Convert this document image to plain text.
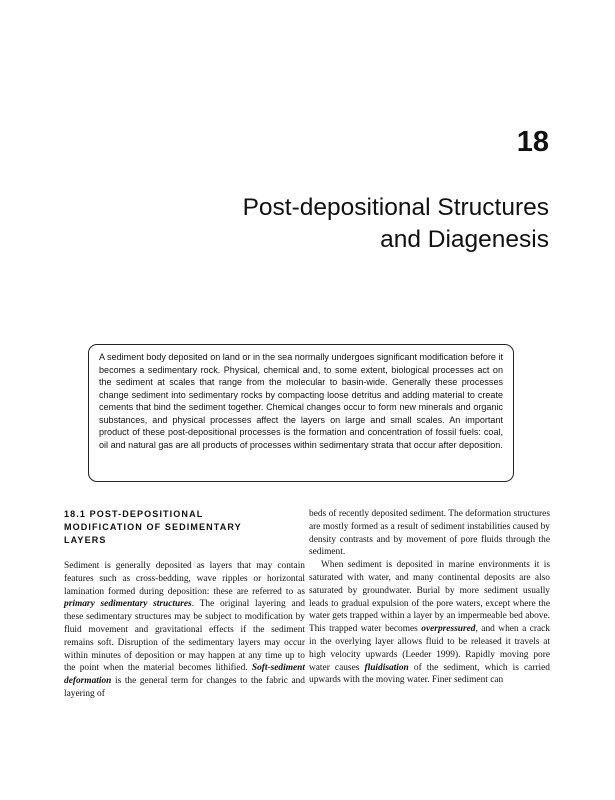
18
Post-depositional Structures
and Diagenesis

A sediment body deposited on land or in the sea normally undergoes significant modification before it becomes a sedimentary rock. Physical, chemical and, to some extent, biological processes act on the sediment at scales that range from the molecular to basin-wide. Generally these processes change sediment into sedimentary rocks by compacting loose detritus and adding material to create cements that bind the sediment together. Chemical changes occur to form new minerals and organic substances, and physical processes affect the layers on large and small scales. An important product of these post-depositional processes is the formation and concentration of fossil fuels: coal, oil and natural gas are all products of processes within sedimentary strata that occur after deposition.

18.1 POST-DEPOSITIONAL
MODIFICATION OF SEDIMENTARY
LAYERS

Sediment is generally deposited as layers that may contain features such as cross-bedding, wave ripples or horizontal lamination formed during deposition: these are referred to as primary sedimentary structures. The original layering and these sedimentary structures may be subject to modification by fluid movement and gravitational effects if the sediment remains soft. Disruption of the sedimentary layers may occur within minutes of deposition or may happen at any time up to the point when the material becomes lithified. Soft-sediment deformation is the general term for changes to the fabric and layering of

beds of recently deposited sediment. The deformation structures are mostly formed as a result of sediment instabilities caused by density contrasts and by movement of pore fluids through the sediment.

When sediment is deposited in marine environments it is saturated with water, and many continental deposits are also saturated by groundwater. Burial by more sediment usually leads to gradual expulsion of the pore waters, except where the water gets trapped within a layer by an impermeable bed above. This trapped water becomes overpressured, and when a crack in the overlying layer allows fluid to be released it travels at high velocity upwards (Leeder 1999). Rapidly moving pore water causes fluidisation of the sediment, which is carried upwards with the moving water. Finer sediment can
